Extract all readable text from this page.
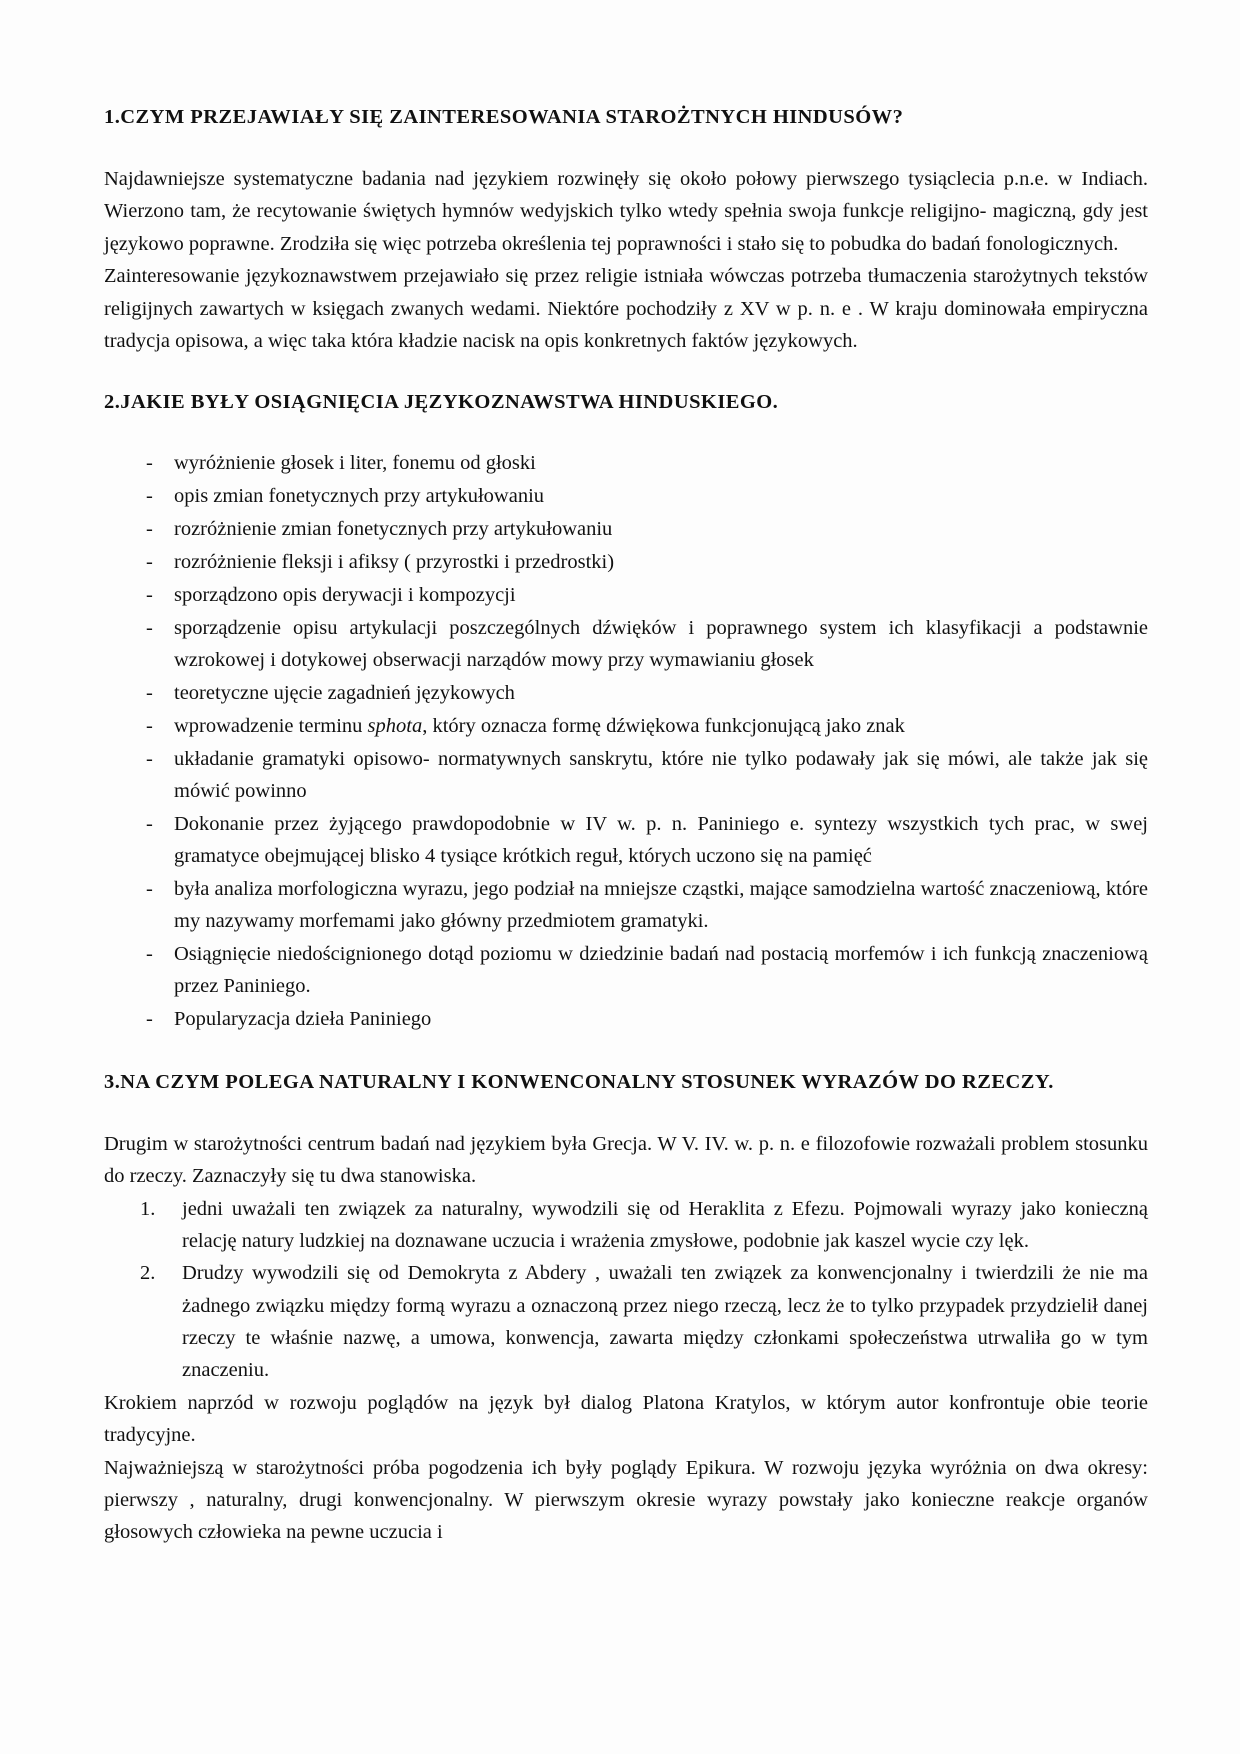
1.CZYM PRZEJAWIAŁY SIĘ ZAINTERESOWANIA STAROŻTNYCH HINDUSÓW?

Najdawniejsze systematyczne badania nad językiem rozwinęły się około połowy pierwszego tysiąclecia p.n.e. w Indiach. Wierzono tam, że recytowanie świętych hymnów wedyjskich tylko wtedy spełnia swoja funkcje religijno- magiczną, gdy jest językowo poprawne. Zrodziła się więc potrzeba określenia tej poprawności i stało się to pobudka do badań fonologicznych.

Zainteresowanie językoznawstwem przejawiało się przez religie istniała wówczas potrzeba tłumaczenia starożytnych tekstów religijnych zawartych w księgach zwanych wedami. Niektóre pochodziły z XV w p. n. e . W kraju dominowała empiryczna tradycja opisowa, a więc taka która kładzie nacisk na opis konkretnych faktów językowych.

2.JAKIE BYŁY OSIĄGNIĘCIA JĘZYKOZNAWSTWA HINDUSKIEGO.
- wyróżnienie głosek i liter, fonemu od głoski
- opis zmian fonetycznych przy artykułowaniu
- rozróżnienie zmian fonetycznych przy artykułowaniu
- rozróżnienie fleksji i afiksy ( przyrostki i przedrostki)
- sporządzono opis derywacji i kompozycji
- sporządzenie opisu artykulacji poszczególnych dźwięków i poprawnego system ich klasyfikacji a podstawnie wzrokowej i dotykowej obserwacji narządów mowy przy wymawianiu głosek
- teoretyczne ujęcie zagadnień językowych
- wprowadzenie terminu sphota, który oznacza formę dźwiękowa funkcjonującą jako znak
- układanie gramatyki opisowo- normatywnych sanskrytu, które nie tylko podawały jak się mówi, ale także jak się mówić powinno
- Dokonanie przez żyjącego prawdopodobnie w IV w. p. n. Paniniego e. syntezy wszystkich tych prac, w swej gramatyce obejmującej blisko 4 tysiące krótkich reguł, których uczono się na pamięć
- była analiza morfologiczna wyrazu, jego podział na mniejsze cząstki, mające samodzielna wartość znaczeniową, które my nazywamy morfemami jako główny przedmiotem gramatyki.
- Osiągnięcie niedoścignionego dotąd poziomu w dziedzinie badań nad postacią morfemów i ich funkcją znaczeniową przez Paniniego.
- Popularyzacja dzieła Paniniego
3.NA CZYM POLEGA NATURALNY I KONWENCONALNY STOSUNEK WYRAZÓW DO RZECZY.

Drugim w starożytności centrum badań nad językiem była Grecja. W V. IV. w. p. n. e filozofowie rozważali problem stosunku do rzeczy. Zaznaczyły się tu dwa stanowiska.

jedni uważali ten związek za naturalny, wywodzili się od Heraklita z Efezu. Pojmowali wyrazy jako konieczną relację natury ludzkiej na doznawane uczucia i wrażenia zmysłowe, podobnie jak kaszel wycie czy lęk.
Drudzy wywodzili się od Demokryta z Abdery , uważali ten związek za konwencjonalny i twierdzili że nie ma żadnego związku między formą wyrazu a oznaczoną przez niego rzeczą, lecz że to tylko przypadek przydzielił danej rzeczy te właśnie nazwę, a umowa, konwencja, zawarta między członkami społeczeństwa utrwaliła go w tym znaczeniu.

Krokiem naprzód w rozwoju poglądów na język był dialog Platona Kratylos, w którym autor konfrontuje obie teorie tradycyjne.

Najważniejszą w starożytności próba pogodzenia ich były poglądy Epikura. W rozwoju języka wyróżnia on dwa okresy: pierwszy , naturalny, drugi konwencjonalny. W pierwszym okresie wyrazy powstały jako konieczne reakcje organów głosowych człowieka na pewne uczucia i
